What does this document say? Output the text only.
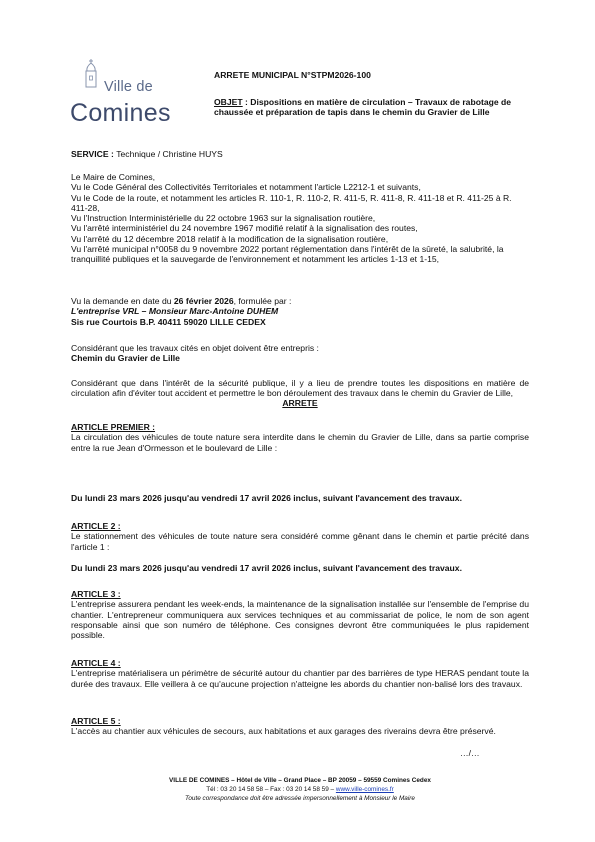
Ville de
Comines
ARRETE MUNICIPAL N°STPM2026-100
OBJET : Dispositions en matière de circulation – Travaux de rabotage de chaussée et préparation de tapis dans le chemin du Gravier de Lille
SERVICE : Technique / Christine HUYS

Le Maire de Comines,

Vu le Code Général des Collectivités Territoriales et notamment l'article L2212-1 et suivants,

Vu le Code de la route, et notamment les articles R. 110-1, R. 110-2, R. 411-5, R. 411-8, R. 411-18 et R. 411-25 à R. 411-28,

Vu l'Instruction Interministérielle du 22 octobre 1963 sur la signalisation routière,

Vu l'arrêté interministériel du 24 novembre 1967 modifié relatif à la signalisation des routes,

Vu l'arrêté du 12 décembre 2018 relatif à la modification de la signalisation routière,

Vu l'arrêté municipal n°0058 du 9 novembre 2022 portant réglementation dans l'intérêt de la sûreté, la salubrité, la tranquillité publiques et la sauvegarde de l'environnement et notamment les articles 1-13 et 1-15,

Vu la demande en date du 26 février 2026, formulée par :

L'entreprise VRL – Monsieur Marc-Antoine DUHEM

Sis rue Courtois B.P. 40411 59020 LILLE CEDEX

Considérant que les travaux cités en objet doivent être entrepris :

Chemin du Gravier de Lille

Considérant que dans l'intérêt de la sécurité publique, il y a lieu de prendre toutes les dispositions en matière de circulation afin d'éviter tout accident et permettre le bon déroulement des travaux dans le chemin du Gravier de Lille,
ARRETE

ARTICLE PREMIER :

La circulation des véhicules de toute nature sera interdite dans le chemin du Gravier de Lille, dans sa partie comprise entre la rue Jean d'Ormesson et le boulevard de Lille :

Du lundi 23 mars 2026 jusqu'au vendredi 17 avril 2026 inclus, suivant l'avancement des travaux.

ARTICLE 2 :

Le stationnement des véhicules de toute nature sera considéré comme gênant dans le chemin et partie précité dans l'article 1 :

Du lundi 23 mars 2026 jusqu'au vendredi 17 avril 2026 inclus, suivant l'avancement des travaux.

ARTICLE 3 :

L'entreprise assurera pendant les week-ends, la maintenance de la signalisation installée sur l'ensemble de l'emprise du chantier. L'entrepreneur communiquera aux services techniques et au commissariat de police, le nom de son agent responsable ainsi que son numéro de téléphone. Ces consignes devront être communiquées le plus rapidement possible.

ARTICLE 4 :

L'entreprise matérialisera un périmètre de sécurité autour du chantier par des barrières de type HERAS pendant toute la durée des travaux. Elle veillera à ce qu'aucune projection n'atteigne les abords du chantier non-balisé lors des travaux.

ARTICLE 5 :

L'accès au chantier aux véhicules de secours, aux habitations et aux garages des riverains devra être préservé.

…/…
VILLE DE COMINES – Hôtel de Ville – Grand Place – BP 20059 – 59559 Comines Cedex
Tél : 03 20 14 58 58 – Fax : 03 20 14 58 59 – www.ville-comines.fr
Toute correspondance doit être adressée impersonnellement à Monsieur le Maire
